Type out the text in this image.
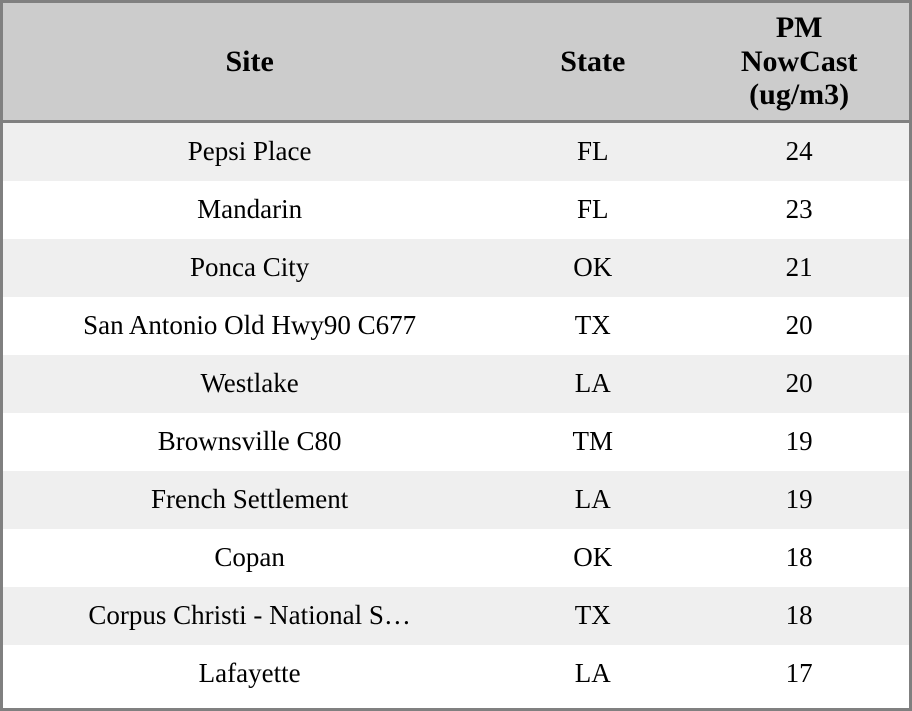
Site	State	PM
NowCast
(ug/m3)
Pepsi Place	FL	24
Mandarin	FL	23
Ponca City	OK	21
San Antonio Old Hwy90 C677	TX	20
Westlake	LA	20
Brownsville C80	TM	19
French Settlement	LA	19
Copan	OK	18
Corpus Christi - National S…	TX	18
Lafayette	LA	17
